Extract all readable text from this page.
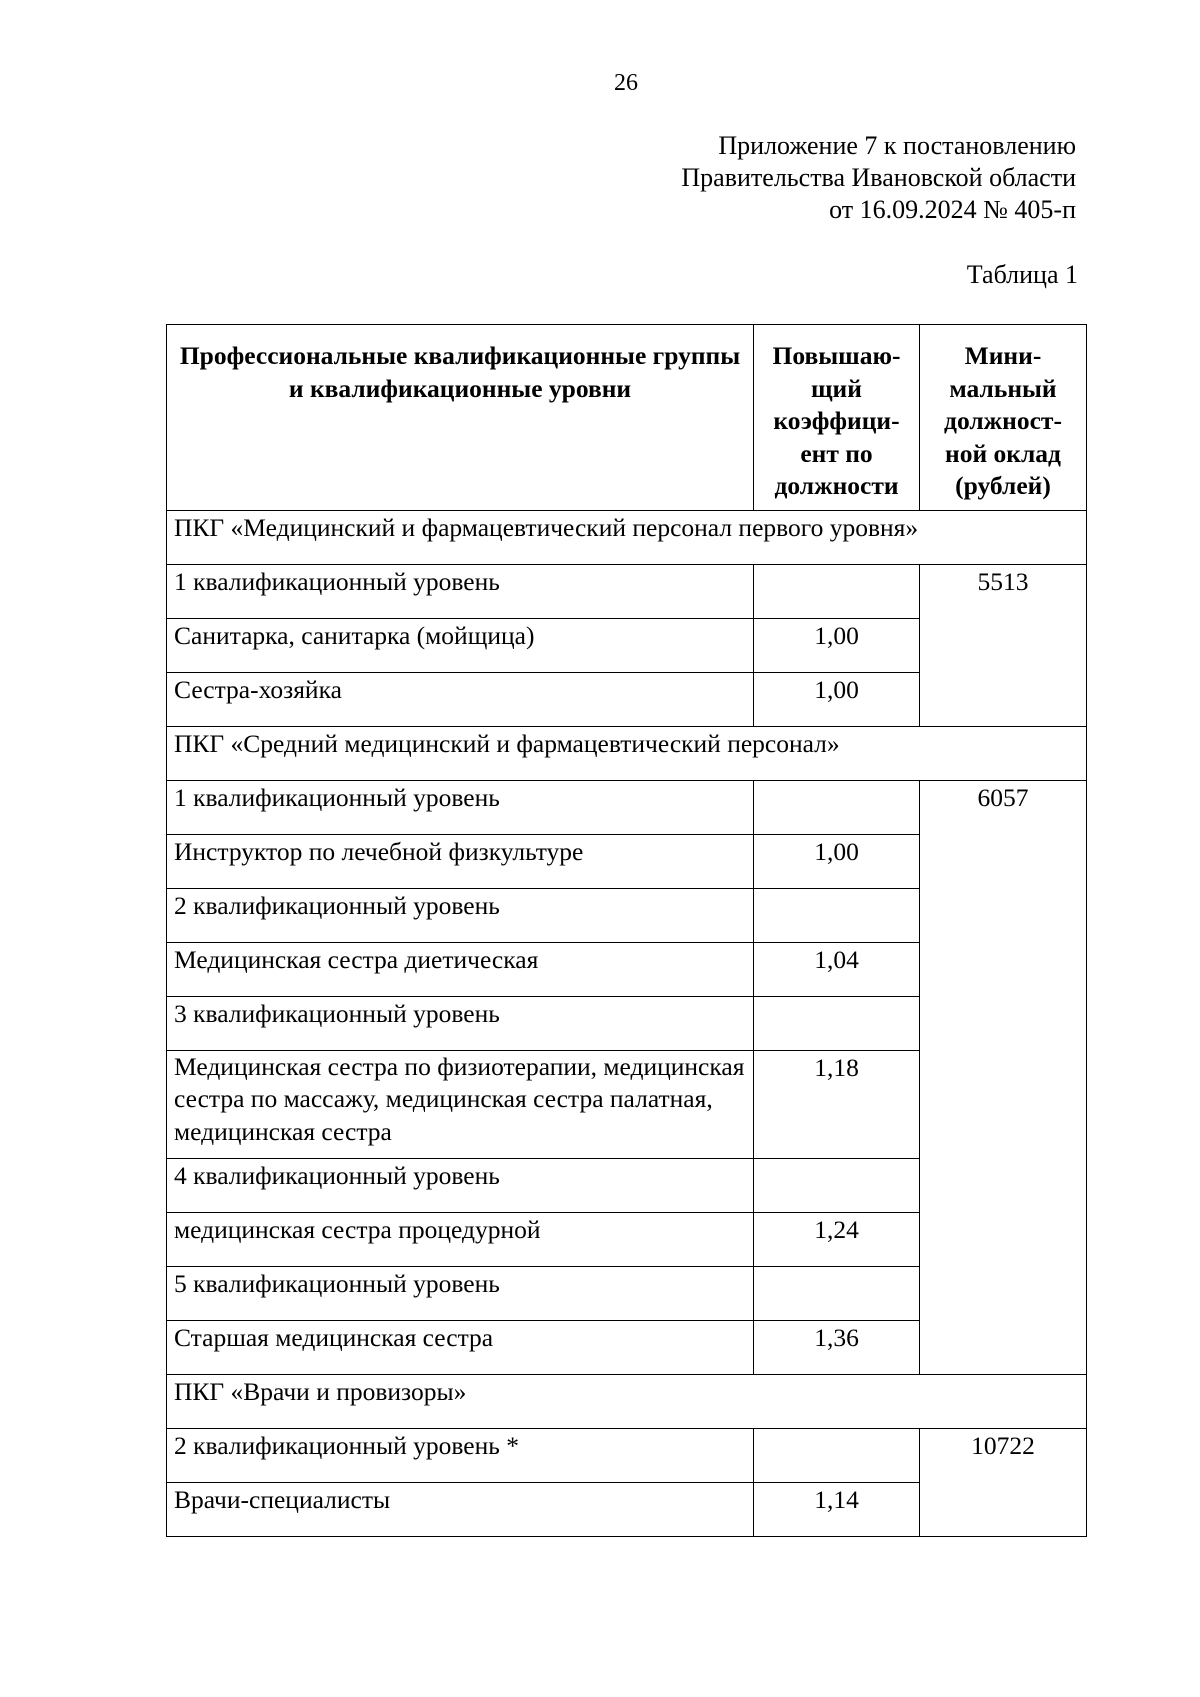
26
Приложение 7 к постановлению
Правительства Ивановской области
от 16.09.2024 № 405-п
Таблица 1
Профессиональные квалификационные группы и квалификационные уровни	Повышаю-щий коэффици-ент по должности	Мини-мальный должност-ной оклад (рублей)
ПКГ «Медицинский и фармацевтический персонал первого уровня»		
1 квалификационный уровень		5513
Санитарка, санитарка (мойщица)	1,00	
Сестра-хозяйка	1,00	
ПКГ «Средний медицинский и фармацевтический персонал»		
1 квалификационный уровень		6057
Инструктор по лечебной физкультуре	1,00	
2 квалификационный уровень		
Медицинская сестра диетическая	1,04	
3 квалификационный уровень		
Медицинская сестра по физиотерапии, медицинская сестра по массажу, медицинская сестра палатная, медицинская сестра	1,18	
4 квалификационный уровень		
медицинская сестра процедурной	1,24	
5 квалификационный уровень		
Старшая медицинская сестра	1,36	
ПКГ «Врачи и провизоры»		
2 квалификационный уровень *		10722
Врачи-специалисты	1,14	
